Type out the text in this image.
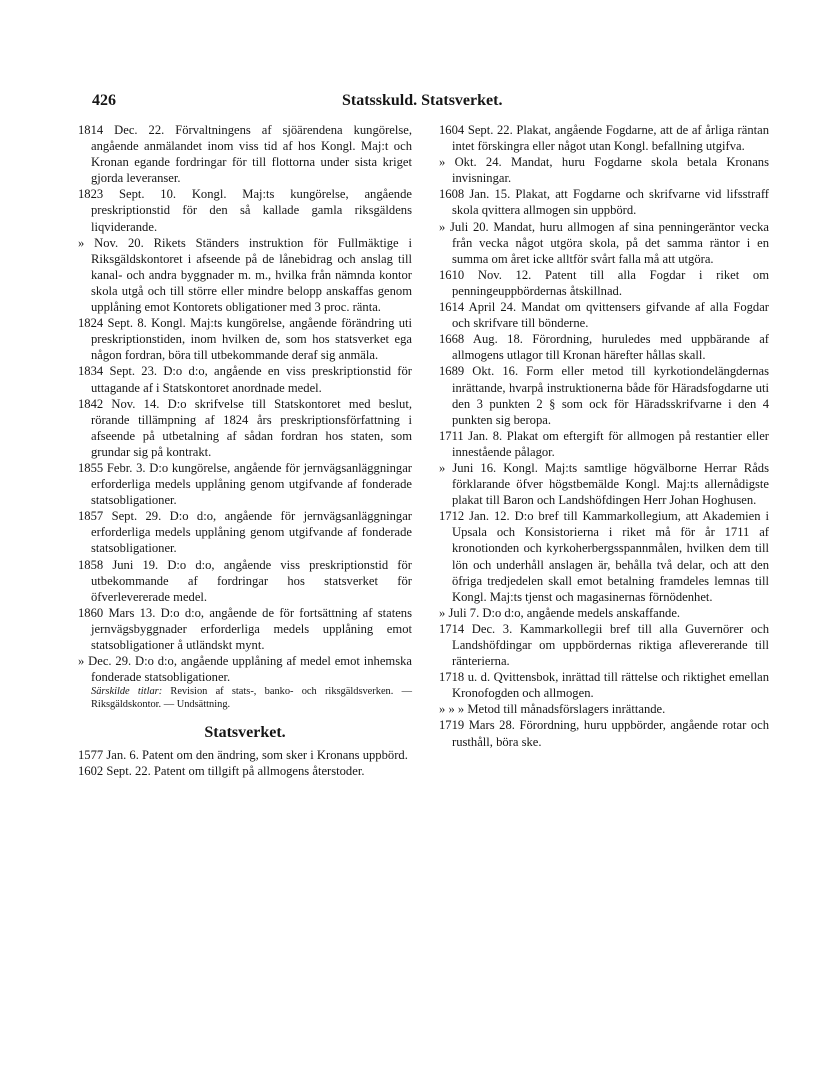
426	Statsskuld. Statsverket.

1814 Dec. 22. Förvaltningens af sjöärendena kungörelse, angående anmälandet inom viss tid af hos Kongl. Maj:t och Kronan egande fordringar för till flottorna under sista kriget gjorda leveranser.

1823 Sept. 10. Kongl. Maj:ts kungörelse, angående preskriptionstid för den så kallade gamla riksgäldens liqviderande.

» Nov. 20. Rikets Ständers instruktion för Fullmäktige i Riksgäldskontoret i afseende på de lånebidrag och anslag till kanal- och andra byggnader m. m., hvilka från nämnda kontor skola utgå och till större eller mindre belopp anskaffas genom upplåning emot Kontorets obligationer med 3 proc. ränta.

1824 Sept. 8. Kongl. Maj:ts kungörelse, angående förändring uti preskriptionstiden, inom hvilken de, som hos statsverket ega någon fordran, böra till utbekommande deraf sig anmäla.

1834 Sept. 23. D:o d:o, angående en viss preskriptionstid för uttagande af i Statskontoret anordnade medel.

1842 Nov. 14. D:o skrifvelse till Statskontoret med beslut, rörande tillämpning af 1824 års preskriptionsförfattning i afseende på utbetalning af sådan fordran hos staten, som grundar sig på kontrakt.

1855 Febr. 3. D:o kungörelse, angående för jernvägsanläggningar erforderliga medels upplåning genom utgifvande af fonderade statsobligationer.

1857 Sept. 29. D:o d:o, angående för jernvägsanläggningar erforderliga medels upplåning genom utgifvande af fonderade statsobligationer.

1858 Juni 19. D:o d:o, angående viss preskriptionstid för utbekommande af fordringar hos statsverket för öfverlevererade medel.

1860 Mars 13. D:o d:o, angående de för fortsättning af statens jernvägsbyggnader erforderliga medels upplåning emot statsobligationer å utländskt mynt.

» Dec. 29. D:o d:o, angående upplåning af medel emot inhemska fonderade statsobligationer.

Särskilde titlar: Revision af stats-, banko- och riksgäldsverken. — Riksgäldskontor. — Undsättning.

Statsverket.

1577 Jan. 6. Patent om den ändring, som sker i Kronans uppbörd.

1602 Sept. 22. Patent om tillgift på allmogens återstoder.

1604 Sept. 22. Plakat, angående Fogdarne, att de af årliga räntan intet förskingra eller något utan Kongl. befallning utgifva.

» Okt. 24. Mandat, huru Fogdarne skola betala Kronans invisningar.

1608 Jan. 15. Plakat, att Fogdarne och skrifvarne vid lifsstraff skola qvittera allmogen sin uppbörd.

» Juli 20. Mandat, huru allmogen af sina penningeräntor vecka från vecka något utgöra skola, på det samma räntor i en summa om året icke alltför svårt falla må att utgöra.

1610 Nov. 12. Patent till alla Fogdar i riket om penningeuppbördernas åtskillnad.

1614 April 24. Mandat om qvittensers gifvande af alla Fogdar och skrifvare till bönderne.

1668 Aug. 18. Förordning, huruledes med uppbärande af allmogens utlagor till Kronan härefter hållas skall.

1689 Okt. 16. Form eller metod till kyrkotiondelängdernas inrättande, hvarpå instruktionerna både för Häradsfogdarne uti den 3 punkten 2 § som ock för Häradsskrifvarne i den 4 punkten sig beropa.

1711 Jan. 8. Plakat om eftergift för allmogen på restantier eller innestående pålagor.

» Juni 16. Kongl. Maj:ts samtlige högvälborne Herrar Råds förklarande öfver högstbemälde Kongl. Maj:ts allernådigste plakat till Baron och Landshöfdingen Herr Johan Hoghusen.

1712 Jan. 12. D:o bref till Kammarkollegium, att Akademien i Upsala och Konsistorierna i riket må för år 1711 af kronotionden och kyrkoherbergsspannmålen, hvilken dem till lön och underhåll anslagen är, behålla två delar, och att den öfriga tredjedelen skall emot betalning framdeles lemnas till Kongl. Maj:ts tjenst och magasinernas förnödenhet.

» Juli 7. D:o d:o, angående medels anskaffande.

1714 Dec. 3. Kammarkollegii bref till alla Guvernörer och Landshöfdingar om uppbördernas riktiga aflevererande till ränterierna.

1718 u. d. Qvittensbok, inrättad till rättelse och riktighet emellan Kronofogden och allmogen.

» » » Metod till månadsförslagers inrättande.

1719 Mars 28. Förordning, huru uppbörder, angående rotar och rusthåll, böra ske.
